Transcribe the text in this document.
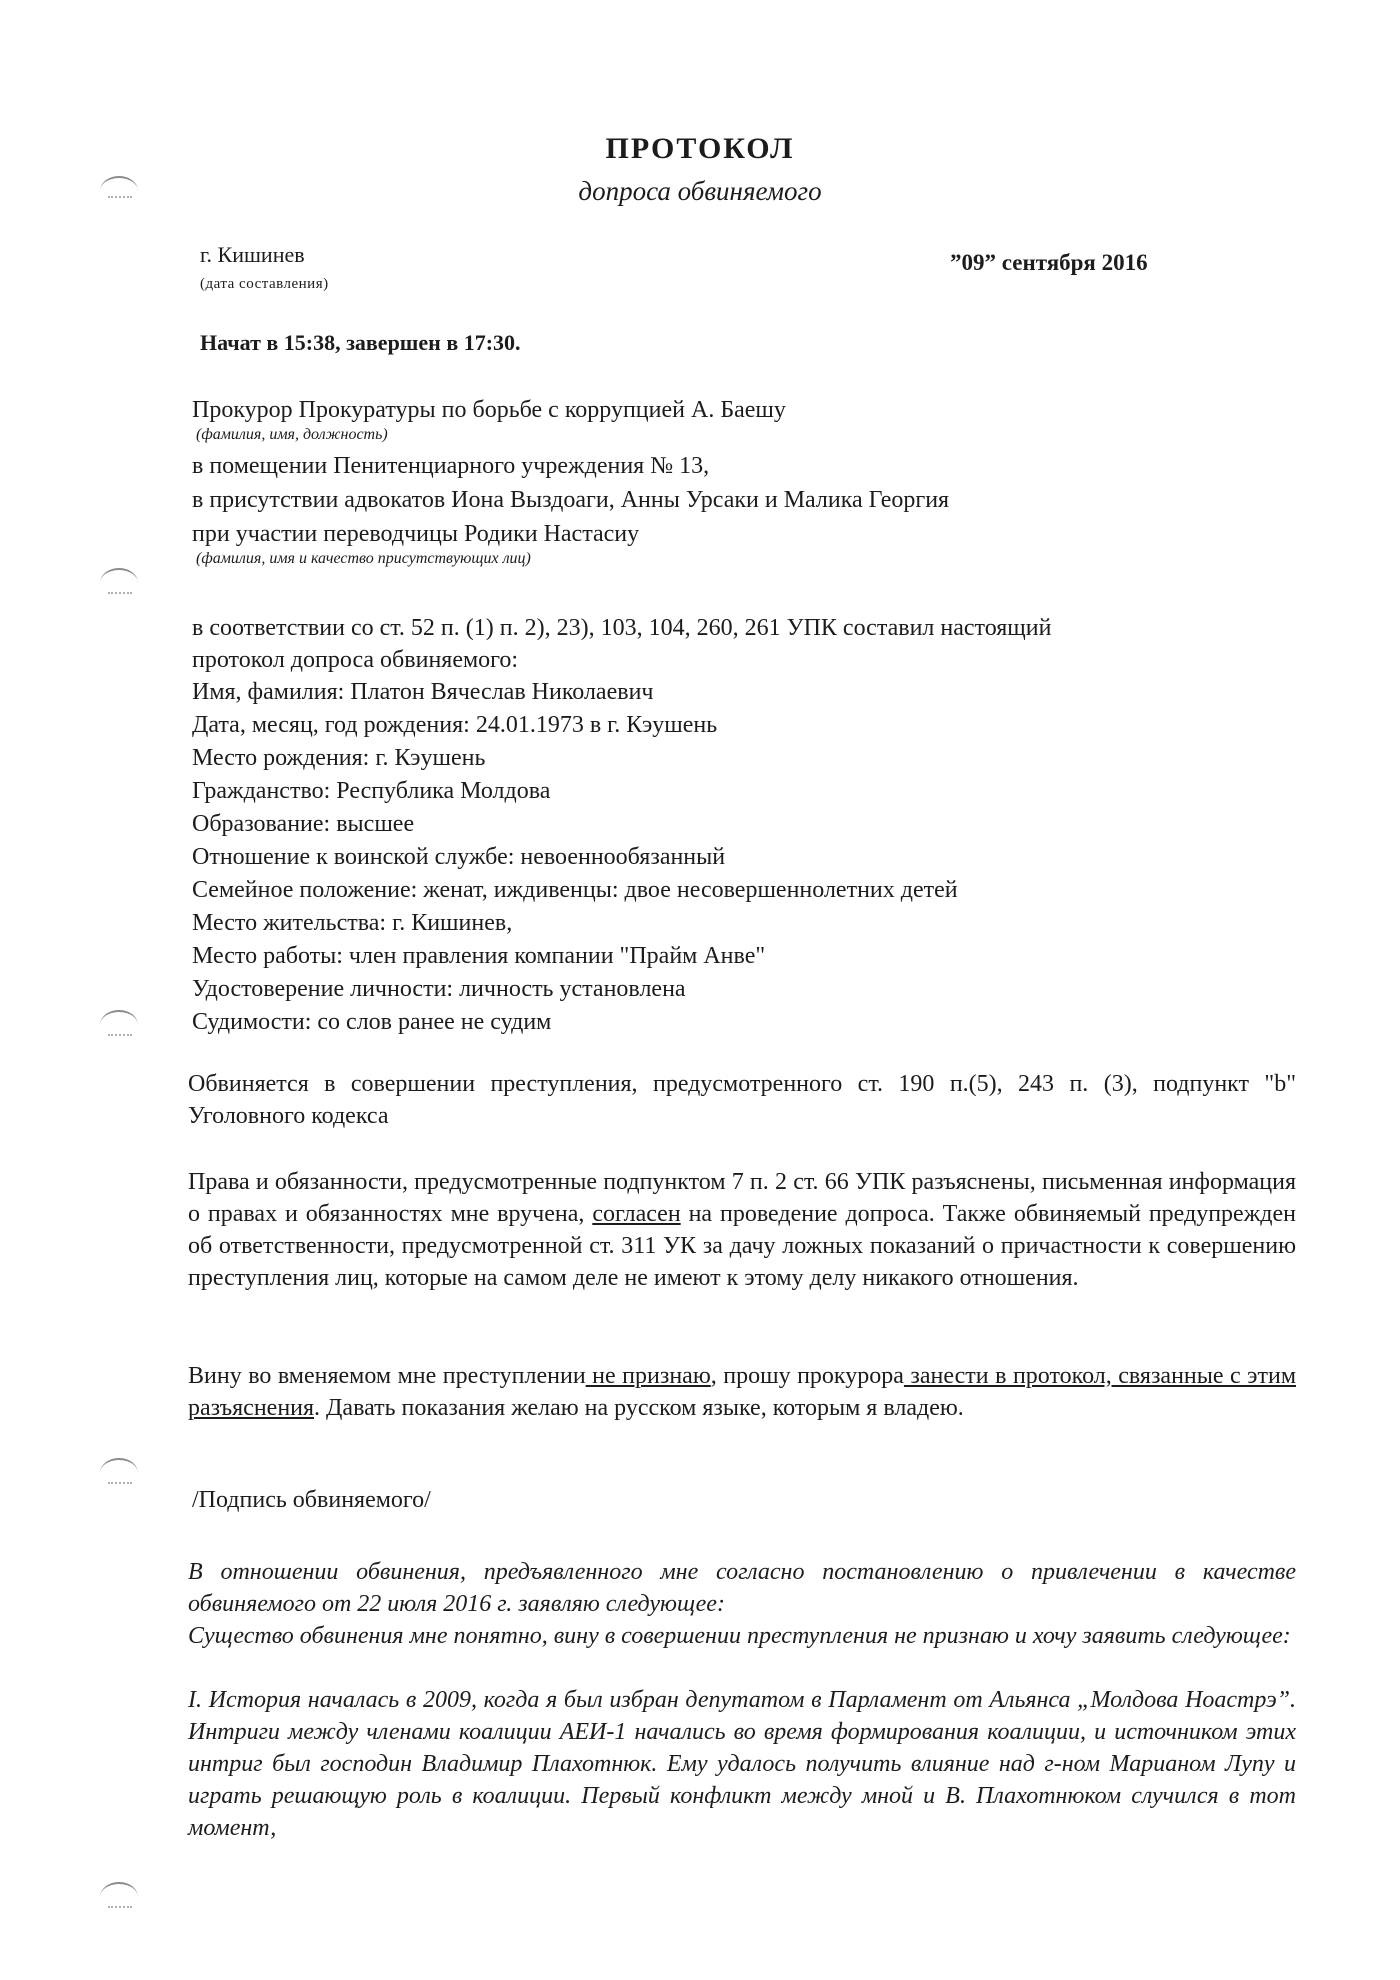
ПРОТОКОЛ
допроса обвиняемого
г. Кишинев
(дата составления)
”09” сентября 2016
Начат в 15:38, завершен в 17:30.
Прокурор Прокуратуры по борьбе с коррупцией А. Баешу
(фамилия, имя, должность)
в помещении Пенитенциарного учреждения № 13,
в присутствии адвокатов Иона Выздоаги, Анны Урсаки и Малика Георгия
при участии переводчицы Родики Настасиу
(фамилия, имя и качество присутствующих лиц)
в соответствии со ст. 52 п. (1) п. 2), 23), 103, 104, 260, 261 УПК составил настоящий
протокол допроса обвиняемого:
Имя, фамилия: Платон Вячеслав Николаевич
Дата, месяц, год рождения: 24.01.1973 в г. Кэушень
Место рождения: г. Кэушень
Гражданство: Республика Молдова
Образование: высшее
Отношение к воинской службе: невоеннообязанный
Семейное положение: женат, иждивенцы: двое несовершеннолетних детей
Место жительства: г. Кишинев,
Место работы: член правления компании "Прайм Анве"
Удостоверение личности: личность установлена
Судимости: со слов ранее не судим
Обвиняется в совершении преступления, предусмотренного ст. 190 п.(5), 243 п. (3), подпункт "b" Уголовного кодекса
Права и обязанности, предусмотренные подпунктом 7 п. 2 ст. 66 УПК разъяснены, письменная информация о правах и обязанностях мне вручена, согласен на проведение допроса. Также обвиняемый предупрежден об ответственности, предусмотренной ст. 311 УК за дачу ложных показаний о причастности к совершению преступления лиц, которые на самом деле не имеют к этому делу никакого отношения.
Вину во вменяемом мне преступлении не признаю, прошу прокурора занести в протокол, связанные с этим разъяснения. Давать показания желаю на русском языке, которым я владею.
/Подпись обвиняемого/
В отношении обвинения, предъявленного мне согласно постановлению о привлечении в качестве обвиняемого от 22 июля 2016 г. заявляю следующее:
Существо обвинения мне понятно, вину в совершении преступления не признаю и хочу заявить следующее:
I. История началась в 2009, когда я был избран депутатом в Парламент от Альянса „Молдова Ноастрэ”. Интриги между членами коалиции АЕИ-1 начались во время формирования коалиции, и источником этих интриг был господин Владимир Плахотнюк. Ему удалось получить влияние над г-ном Марианом Лупу и играть решающую роль в коалиции. Первый конфликт между мной и В. Плахотнюком случился в тот момент,
